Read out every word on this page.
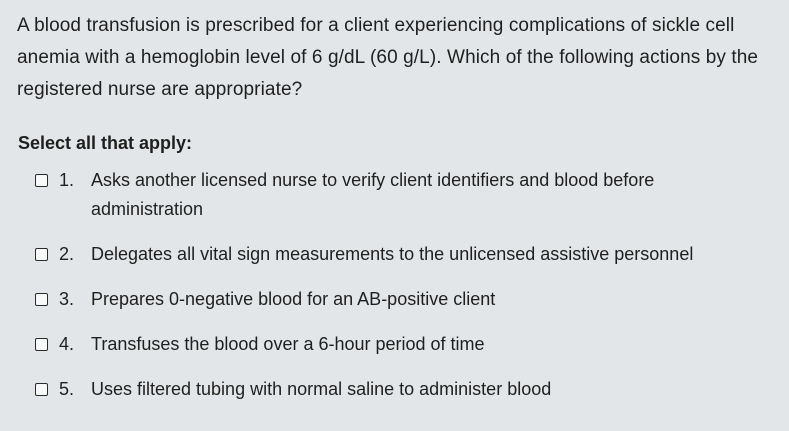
A blood transfusion is prescribed for a client experiencing complications of sickle cell anemia with a hemoglobin level of 6 g/dL (60 g/L). Which of the following actions by the registered nurse are appropriate?

Select all that apply:
1. Asks another licensed nurse to verify client identifiers and blood before administration
2. Delegates all vital sign measurements to the unlicensed assistive personnel
3. Prepares 0-negative blood for an AB-positive client
4. Transfuses the blood over a 6-hour period of time
5. Uses filtered tubing with normal saline to administer blood
